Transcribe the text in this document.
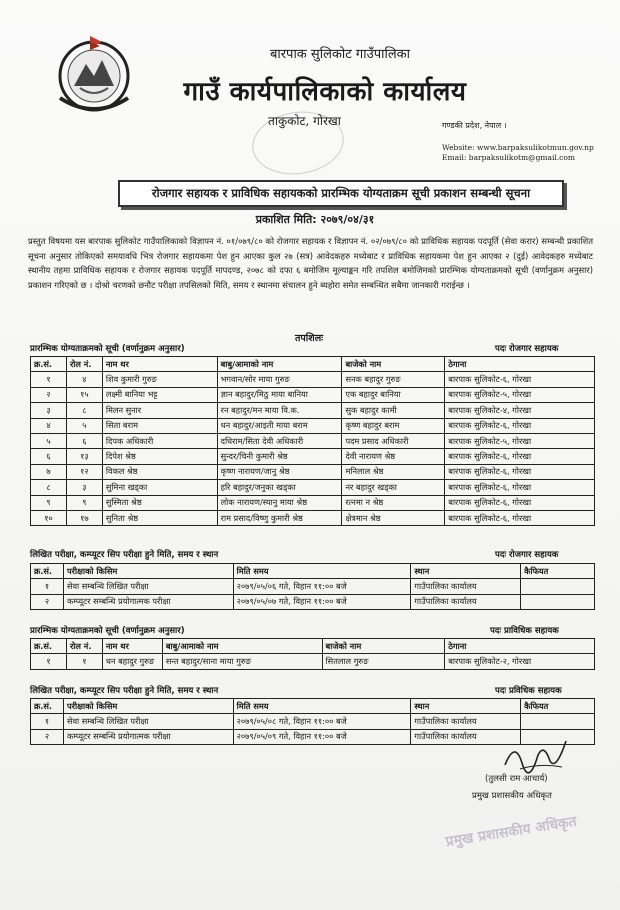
बारपाक सुलिकोट गाउँपालिका
गाउँ कार्यपालिकाको कार्यालय
ताकुकोट, गोरखा	गण्डकी प्रदेश, नेपाल ।
Website: www.barpaksulikotmun.gov.np
Email: barpaksulikotm@gmail.com
रोजगार सहायक र प्राविधिक सहायककाे प्रारम्भिक योग्यताक्रम सूची प्रकाशन सम्बन्धी सूचना
प्रकाशित मिति: २०७९/०४/३१
प्रस्तुत विषयमा यस बारपाक सुलिकोट गाउँपालिकाको विज्ञापन नं. ०१/०७९/८० को रोजगार सहायक र विज्ञापन नं. ०२/०७९/८० को प्राविधिक सहायक पदपूर्ति (सेवा करार) सम्बन्धी प्रकाशित सूचना अनुसार तोकिएको समयावधि भित्र रोजगार सहायकमा पेश हुन आएका कुल २७ (सत्र) आवेदकहरु मध्येबाट र प्राविधिक सहायकमा पेश हुन आएका २ (दुई) आवेदकहरु मध्येबाट स्थानीय तहमा प्राविधिक सहायक र रोजगार सहायक पदपूर्ति मापदण्ड, २०७८ को दफा ६ बमोजिम मूल्याङ्कन गरि तपशिल बमोजिमको प्रारम्भिक योग्यताक्रमको सूची (वर्णानुक्रम अनुसार) प्रकाशन गरिएको छ । दोश्रो चरणको छनौट परीक्षा तपसिलको मिति, समय र स्थानमा संचालन हुने ब्यहोरा समेत सम्बन्धित सबैमा जानकारी गराईन्छ ।
तपशिलः
प्रारम्भिक योग्यताक्रमको सूची (वर्णानुक्रम अनुसार)	पदः रोजगार सहायक
क्र.सं.	रोल नं.	नाम थर	बाबु/आमाको नाम	बाजेको नाम	ठेगाना
१	४	शिव कुमारी गुरुङ	भगवान/सोर माया गुरुङ	सनक बहादुर गुरुङ	बारपाक सुलिकोट-६, गोरखा
२	१५	लक्ष्मी बानिया भट्ट	ज्ञान बहादुर/मिठु माया बानिया	एक बहादुर बानिया	बारपाक सुलिकोट-५, गोरखा
३	८	मिलन सुनार	रन बहादुर/मन माया वि.क.	सुक बहादुर कामी	बारपाक सुलिकोट-४, गोरखा
४	५	सिता बराम	धन बहादुर/आइती माया बराम	कृष्ण बहादुर बराम	बारपाक सुलिकोट-६, गोरखा
५	६	दिपक अधिकारी	दधिराम/सिता देवी अधिकारी	पदम प्रसाद अधिकारी	बारपाक सुलिकोट-५, गोरखा
६	१३	दिपेश श्रेष्ठ	सुन्दर/चिनी कुमारी श्रेष्ठ	देवी नारायण श्रेष्ठ	बारपाक सुलिकोट-६, गोरखा
७	१२	विकल श्रेष्ठ	कृष्ण नारायण/जानु श्रेष्ठ	मनिलाल श्रेष्ठ	बारपाक सुलिकोट-६, गोरखा
८	३	सुमिना खड्का	हरि बहादुर/जनुका खड्का	नर बहादुर खड्का	बारपाक सुलिकोट-६, गोरखा
९	९	सुस्मिता श्रेष्ठ	लोक नारायण/स्यानु माया श्रेष्ठ	रत्नमा न श्रेष्ठ	बारपाक सुलिकोट-६, गोरखा
१०	१७	सुनिता श्रेष्ठ	राम प्रसाद/विष्णु कुमारी श्रेष्ठ	क्षेत्रमान श्रेष्ठ	बारपाक सुलिकोट-६, गोरखा
लिखित परीक्षा, कम्प्यूटर सिप परीक्षा हुने मिति, समय र स्थान	पदः रोजगार सहायक
क्र.सं.	परीक्षाको किसिम	मिति समय	स्थान	कैफियत
१	सेवा सम्बन्धि लिखित परीक्षा	२०७९/०५/०६ गते, विहान ११:०० बजे	गाउँपालिका कार्यालय	
२	कम्प्यूटर सम्बन्धि प्रयोगात्मक परीक्षा	२०७९/०५/०७ गते, विहान ११:०० बजे	गाउँपालिका कार्यालय	
प्रारम्भिक योग्यताक्रमको सूची (वर्णानुक्रम अनुसार)	पदः प्राविधिक सहायक
क्र.सं.	रोल नं.	नाम थर	बाबु/आमाको नाम	बाजेको नाम	ठेगाना
१	१	धन बहादुर गुरुङ	सन्त बहादुर/साना माया गुरुङ	सितलाल गुरुङ	बारपाक सुलिकोट-२, गोरखा
लिखित परीक्षा, कम्प्यूटर सिप परीक्षा हुने मिति, समय र स्थान	पदः प्रविधिक सहायक
क्र.सं.	परीक्षाको किसिम	मिति समय	स्थान	कैफियत
१	सेवा सम्बन्धि लिखित परीक्षा	२०७९/०५/०८ गते, विहान ११:०० बजे	गाउँपालिका कार्यालय	
२	कम्प्यूटर सम्बन्धि प्रयोगात्मक परीक्षा	२०७९/०५/०९ गते, विहान ११:०० बजे	गाउँपालिका कार्यालय	
(तुलसी राम आचार्य)
प्रमुख प्रशासकीय अधिकृत
प्रमुख प्रशासकीय अधिकृत
